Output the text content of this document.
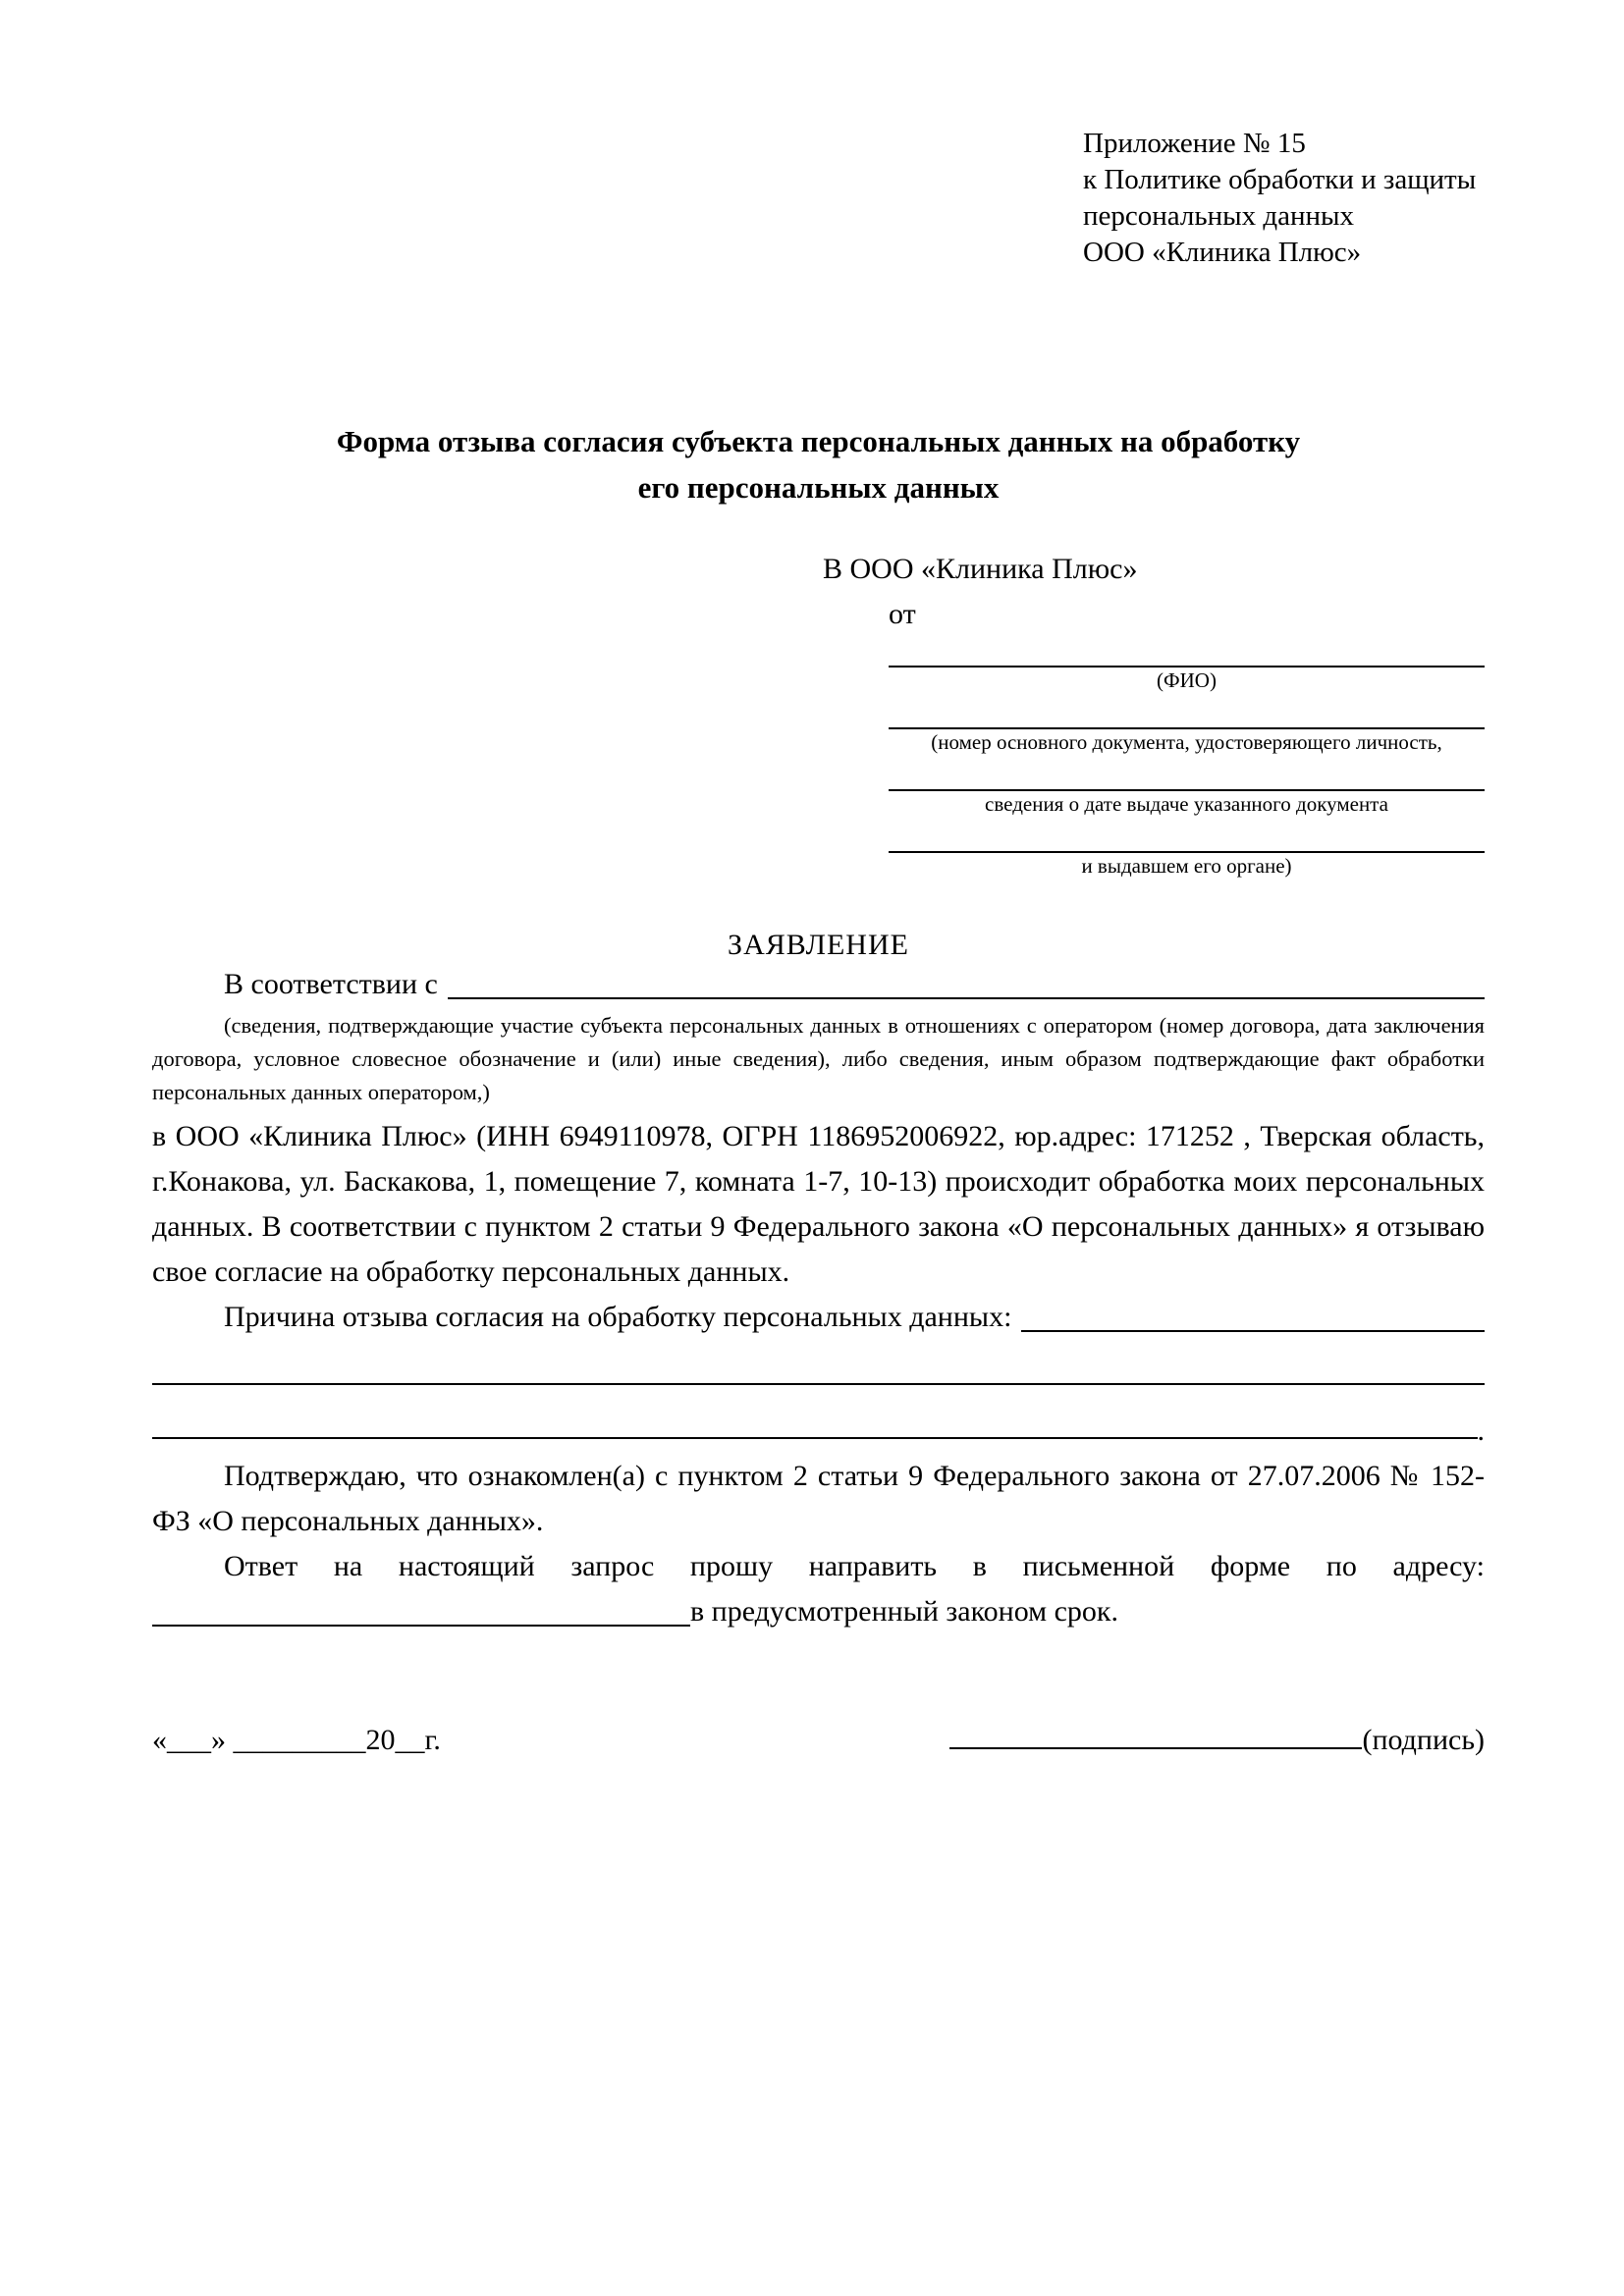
Приложение № 15
к Политике обработки и защиты
персональных данных
ООО «Клиника Плюс»
Форма отзыва согласия субъекта персональных данных на обработку
его персональных данных
В ООО «Клиника Плюс»
от
(ФИО)
(номер основного документа, удостоверяющего личность,
сведения о дате выдаче указанного документа
и выдавшем его органе)
ЗАЯВЛЕНИЕ
В соответствии с

(сведения, подтверждающие участие субъекта персональных данных в отношениях с оператором (номер договора, дата заключения договора, условное словесное обозначение и (или) иные сведения), либо сведения, иным образом подтверждающие факт обработки персональных данных оператором,)

в ООО «Клиника Плюс» (ИНН 6949110978, ОГРН 1186952006922, юр.адрес: 171252 , Тверская область, г.Конакова, ул. Баскакова, 1, помещение 7, комната 1-7, 10-13) происходит обработка моих персональных данных. В соответствии с пунктом 2 статьи 9 Федерального закона «О персональных данных» я отзываю свое согласие на обработку персональных данных.

Причина отзыва согласия на обработку персональных данных:
.

Подтверждаю, что ознакомлен(а) с пунктом 2 статьи 9 Федерального закона от 27.07.2006 № 152-ФЗ «О персональных данных».

Ответ на настоящий запрос прошу направить в письменной форме по адресу:

в предусмотренный законом срок.
«___» _________20__г.	(подпись)
